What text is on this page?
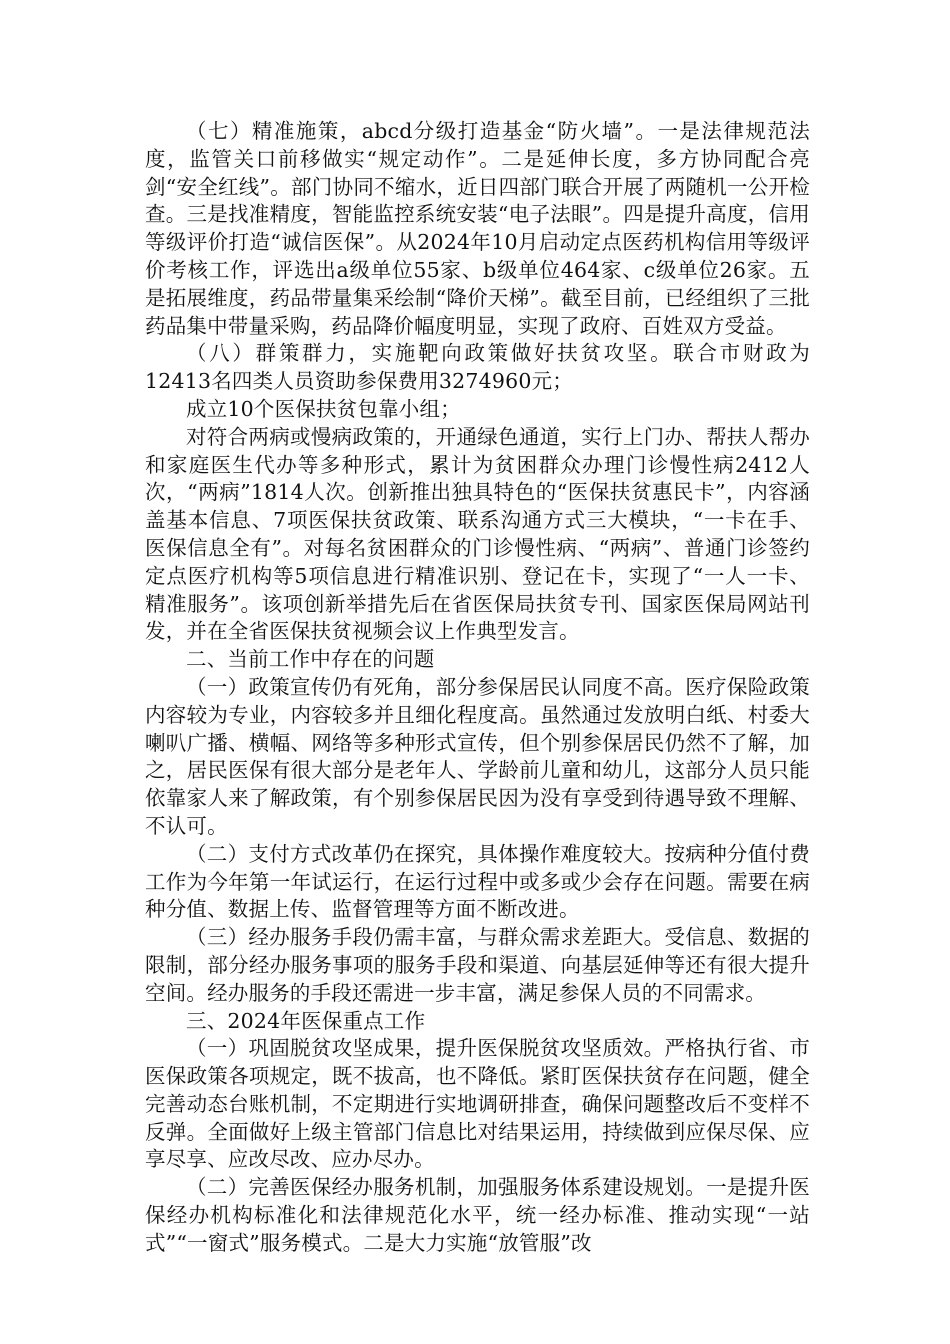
（七）精准施策，abcd分级打造基金“防火墙”。一是法律规范法度，监管关口前移做实“规定动作”。二是延伸长度，多方协同配合亮剑“安全红线”。部门协同不缩水，近日四部门联合开展了两随机一公开检查。三是找准精度，智能监控系统安装“电子法眼”。四是提升高度，信用等级评价打造“诚信医保”。从2024年10月启动定点医药机构信用等级评价考核工作，评选出a级单位55家、b级单位464家、c级单位26家。五是拓展维度，药品带量集采绘制“降价天梯”。截至目前，已经组织了三批药品集中带量采购，药品降价幅度明显，实现了政府、百姓双方受益。

（八）群策群力，实施靶向政策做好扶贫攻坚。联合市财政为12413名四类人员资助参保费用3274960元；

成立10个医保扶贫包靠小组；

对符合两病或慢病政策的，开通绿色通道，实行上门办、帮扶人帮办和家庭医生代办等多种形式，累计为贫困群众办理门诊慢性病2412人次，“两病”1814人次。创新推出独具特色的“医保扶贫惠民卡”，内容涵盖基本信息、7项医保扶贫政策、联系沟通方式三大模块，“一卡在手、医保信息全有”。对每名贫困群众的门诊慢性病、“两病”、普通门诊签约定点医疗机构等5项信息进行精准识别、登记在卡，实现了“一人一卡、精准服务”。该项创新举措先后在省医保局扶贫专刊、国家医保局网站刊发，并在全省医保扶贫视频会议上作典型发言。

二、当前工作中存在的问题

（一）政策宣传仍有死角，部分参保居民认同度不高。医疗保险政策内容较为专业，内容较多并且细化程度高。虽然通过发放明白纸、村委大喇叭广播、横幅、网络等多种形式宣传，但个别参保居民仍然不了解，加之，居民医保有很大部分是老年人、学龄前儿童和幼儿，这部分人员只能依靠家人来了解政策，有个别参保居民因为没有享受到待遇导致不理解、不认可。

（二）支付方式改革仍在探究，具体操作难度较大。按病种分值付费工作为今年第一年试运行，在运行过程中或多或少会存在问题。需要在病种分值、数据上传、监督管理等方面不断改进。

（三）经办服务手段仍需丰富，与群众需求差距大。受信息、数据的限制，部分经办服务事项的服务手段和渠道、向基层延伸等还有很大提升空间。经办服务的手段还需进一步丰富，满足参保人员的不同需求。

三、2024年医保重点工作

（一）巩固脱贫攻坚成果，提升医保脱贫攻坚质效。严格执行省、市医保政策各项规定，既不拔高，也不降低。紧盯医保扶贫存在问题，健全完善动态台账机制，不定期进行实地调研排查，确保问题整改后不变样不反弹。全面做好上级主管部门信息比对结果运用，持续做到应保尽保、应享尽享、应改尽改、应办尽办。

（二）完善医保经办服务机制，加强服务体系建设规划。一是提升医保经办机构标准化和法律规范化水平，统一经办标准、推动实现“一站式”“一窗式”服务模式。二是大力实施“放管服”改
